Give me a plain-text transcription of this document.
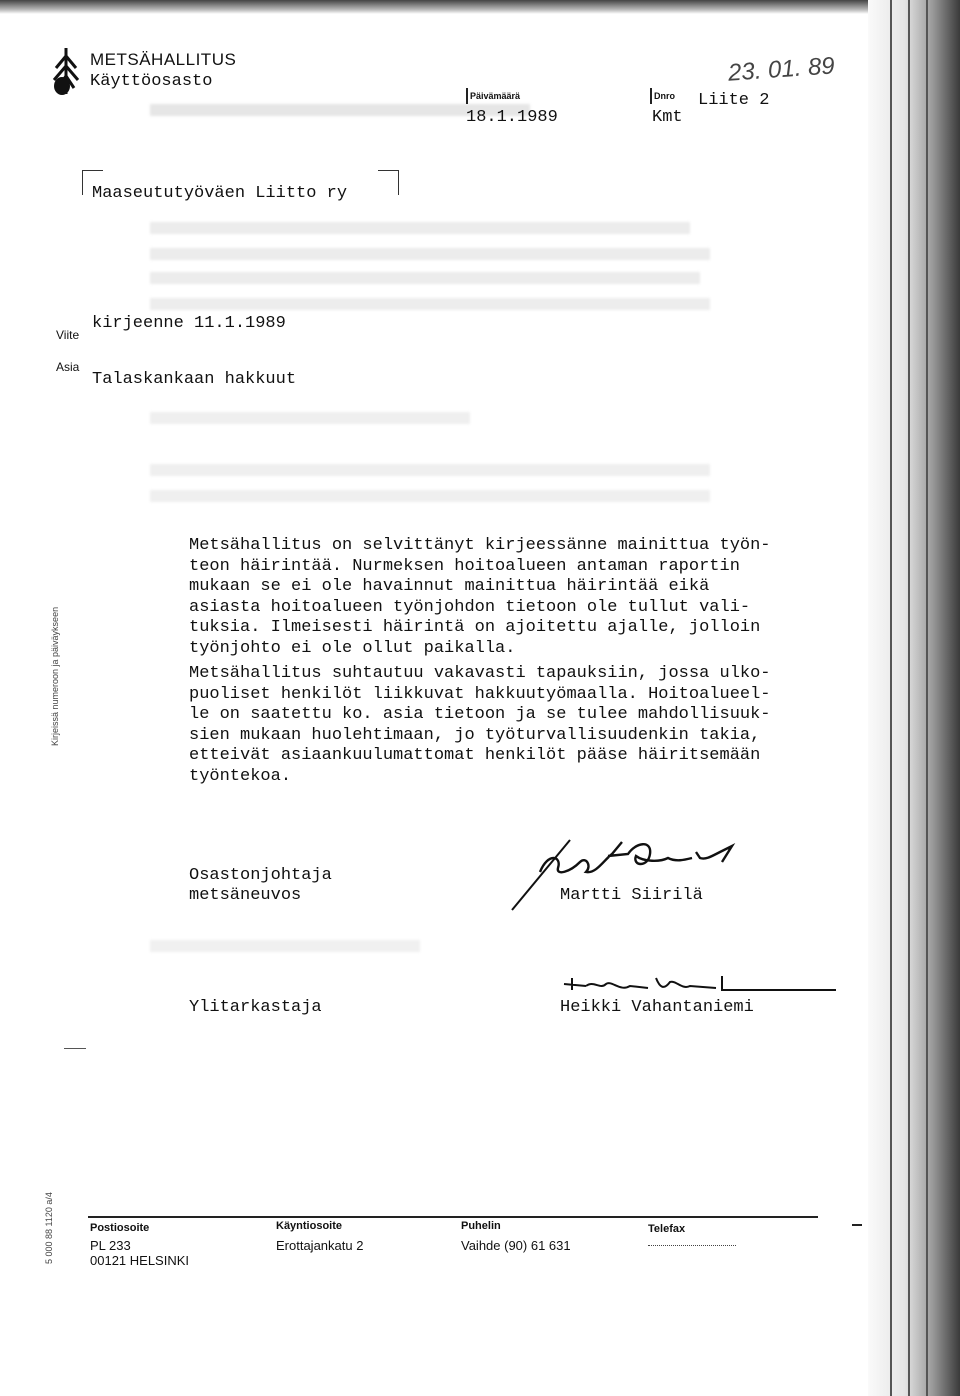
METSÄHALLITUS
Käyttöosasto
Päivämäärä
18.1.1989
Dnro
Kmt
Liite 2
23. 01. 89
Maaseututyöväen Liitto ry
Viite
kirjeenne 11.1.1989
Asia
Talaskankaan hakkuut
Kirjeissä numeroon ja päiväykseen
Metsähallitus on selvittänyt kirjeessänne mainittua työn-
teon häirintää. Nurmeksen hoitoalueen antaman raportin
mukaan se ei ole havainnut mainittua häirintää eikä
asiasta hoitoalueen työnjohdon tietoon ole tullut vali-
tuksia. Ilmeisesti häirintä on ajoitettu ajalle, jolloin
työnjohto ei ole ollut paikalla.
Metsähallitus suhtautuu vakavasti tapauksiin, jossa ulko-
puoliset henkilöt liikkuvat hakkuutyömaalla. Hoitoalueel-
le on saatettu ko. asia tietoon ja se tulee mahdollisuuk-
sien mukaan huolehtimaan, jo työturvallisuudenkin takia,
etteivät asiaankuulumattomat henkilöt pääse häiritsemään
työntekoa.
Osastonjohtaja
metsäneuvos	Martti Siirilä
Ylitarkastaja	Heikki Vahantaniemi
Postiosoite
PL 233
00121 HELSINKI
Käyntiosoite
Erottajankatu 2
Puhelin
Vaihde (90) 61 631
Telefax
5 000 88 1120 a/4
